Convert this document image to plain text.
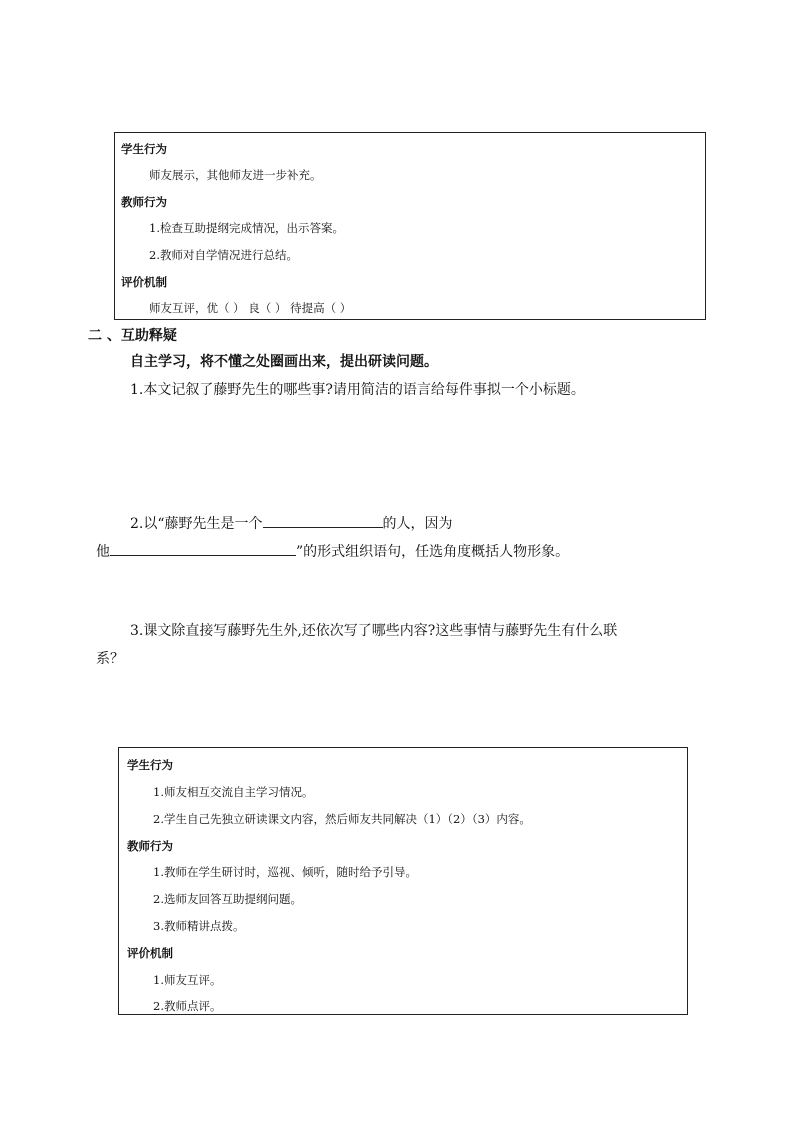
学生行为
师友展示，其他师友进一步补充。
教师行为
1.检查互助提纲完成情况，出示答案。
2.教师对自学情况进行总结。
评价机制
师友互评，优（ ） 良（ ） 待提高（ ）
二 、互助释疑
自主学习，将不懂之处圈画出来，提出研读问题。
1.本文记叙了藤野先生的哪些事?请用简洁的语言给每件事拟一个小标题。
2.以“藤野先生是一个	的人，因为
他	”的形式组织语句，任选角度概括人物形象。
3.课文除直接写藤野先生外,还依次写了哪些内容?这些事情与藤野先生有什么联
系？
学生行为
1.师友相互交流自主学习情况。
2.学生自己先独立研读课文内容，然后师友共同解决（1）（2）（3）内容。
教师行为
1.教师在学生研讨时，巡视、倾听，随时给予引导。
2.选师友回答互助提纲问题。
3.教师精讲点拨。
评价机制
1.师友互评。
2.教师点评。
